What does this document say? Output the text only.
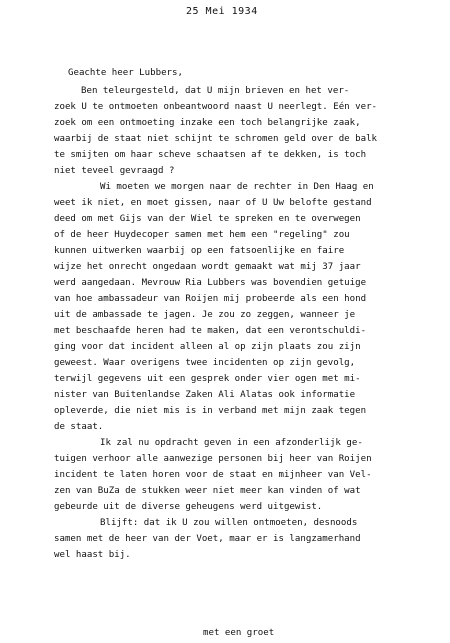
25 Mei 1934
Geachte heer Lubbers,
Ben teleurgesteld, dat U mijn brieven en het ver-
zoek U te ontmoeten onbeantwoord naast U neerlegt. Eén ver-
zoek om een ontmoeting inzake een toch belangrijke zaak,
waarbij de staat niet schijnt te schromen geld over de balk
te smijten om haar scheve schaatsen af te dekken, is toch
niet teveel gevraagd ?
Wi moeten we morgen naar de rechter in Den Haag en
weet ik niet, en moet gissen, naar of U Uw belofte gestand
deed om met Gijs van der Wiel te spreken en te overwegen
of de heer Huydecoper samen met hem een "regeling" zou
kunnen uitwerken waarbij op een fatsoenlijke en faire
wijze het onrecht ongedaan wordt gemaakt wat mij 37 jaar
werd aangedaan. Mevrouw Ria Lubbers was bovendien getuige
van hoe ambassadeur van Roijen mij probeerde als een hond
uit de ambassade te jagen. Je zou zo zeggen, wanneer je
met beschaafde heren had te maken, dat een verontschuldi-
ging voor dat incident alleen al op zijn plaats zou zijn
geweest. Waar overigens twee incidenten op zijn gevolg,
terwijl gegevens uit een gesprek onder vier ogen met mi-
nister van Buitenlandse Zaken Ali Alatas ook informatie
opleverde, die niet mis is in verband met mijn zaak tegen
de staat.
Ik zal nu opdracht geven in een afzonderlijk ge-
tuigen verhoor alle aanwezige personen bij heer van Roijen
incident te laten horen voor de staat en mijnheer van Vel-
zen van BuZa de stukken weer niet meer kan vinden of wat
gebeurde uit de diverse geheugens werd uitgewist.
Blijft: dat ik U zou willen ontmoeten, desnoods
samen met de heer van der Voet, maar er is langzamerhand
wel haast bij.
met een groet
